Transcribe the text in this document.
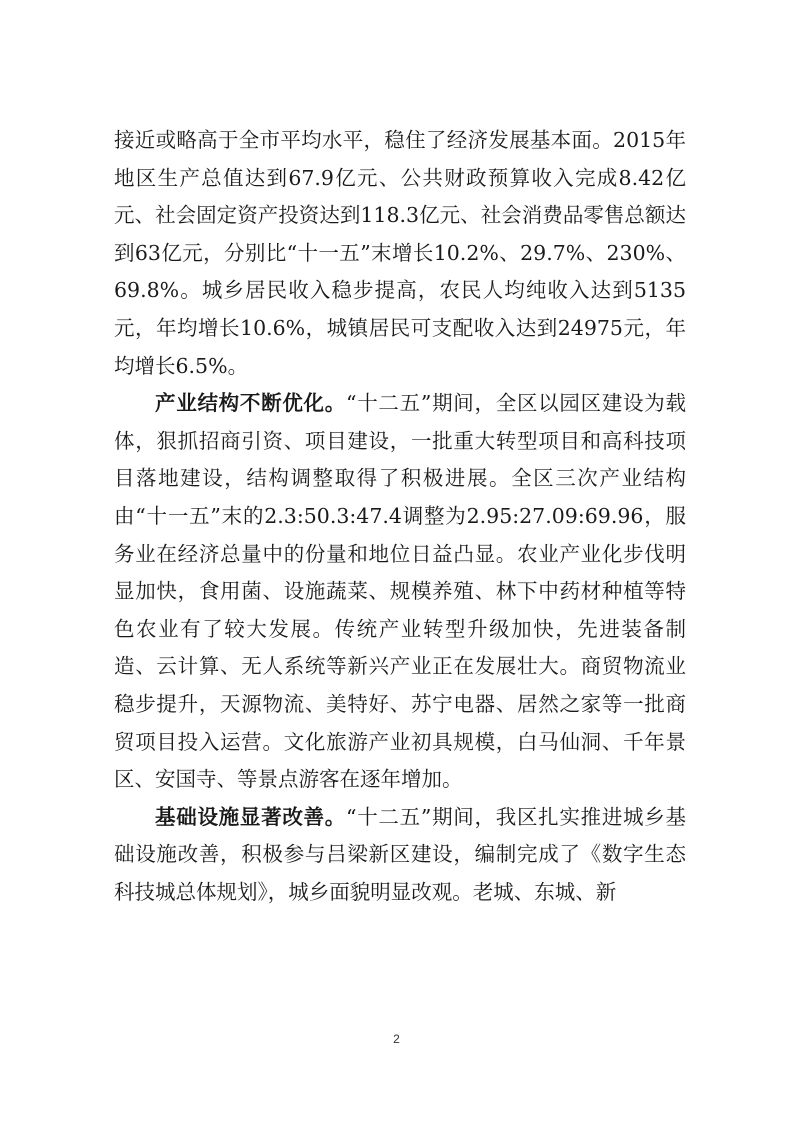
接近或略高于全市平均水平，稳住了经济发展基本面。2015年地区生产总值达到67.9亿元、公共财政预算收入完成8.42亿元、社会固定资产投资达到118.3亿元、社会消费品零售总额达到63亿元，分别比“十一五”末增长10.2%、29.7%、230%、69.8%。城乡居民收入稳步提高，农民人均纯收入达到5135元，年均增长10.6%，城镇居民可支配收入达到24975元，年均增长6.5%。

产业结构不断优化。“十二五”期间，全区以园区建设为载体，狠抓招商引资、项目建设，一批重大转型项目和高科技项目落地建设，结构调整取得了积极进展。全区三次产业结构由“十一五”末的2.3:50.3:47.4调整为2.95:27.09:69.96，服务业在经济总量中的份量和地位日益凸显。农业产业化步伐明显加快，食用菌、设施蔬菜、规模养殖、林下中药材种植等特色农业有了较大发展。传统产业转型升级加快，先进装备制造、云计算、无人系统等新兴产业正在发展壮大。商贸物流业稳步提升，天源物流、美特好、苏宁电器、居然之家等一批商贸项目投入运营。文化旅游产业初具规模，白马仙洞、千年景区、安国寺、等景点游客在逐年增加。

基础设施显著改善。“十二五”期间，我区扎实推进城乡基础设施改善，积极参与吕梁新区建设，编制完成了《数字生态科技城总体规划》，城乡面貌明显改观。老城、东城、新

2
